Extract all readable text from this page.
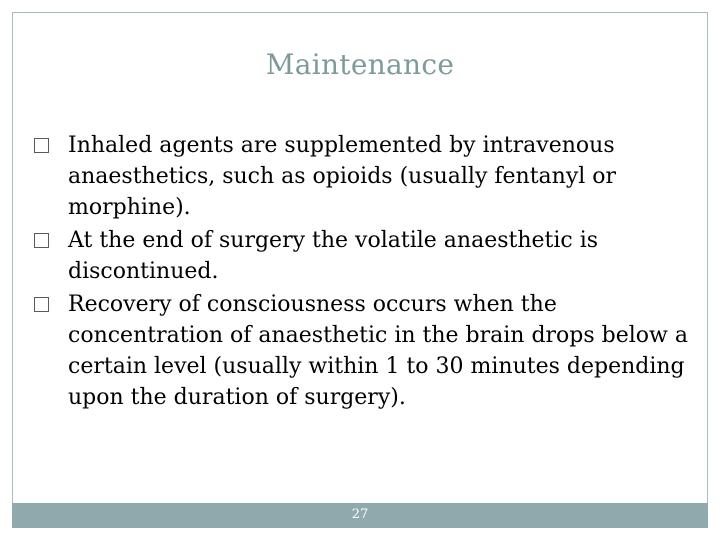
Maintenance
Inhaled agents are supplemented by intravenous anaesthetics, such as opioids (usually fentanyl or morphine).
At the end of surgery the volatile anaesthetic is discontinued.
Recovery of consciousness occurs when the concentration of anaesthetic in the brain drops below a certain level (usually within 1 to 30 minutes depending upon the duration of surgery).
27
